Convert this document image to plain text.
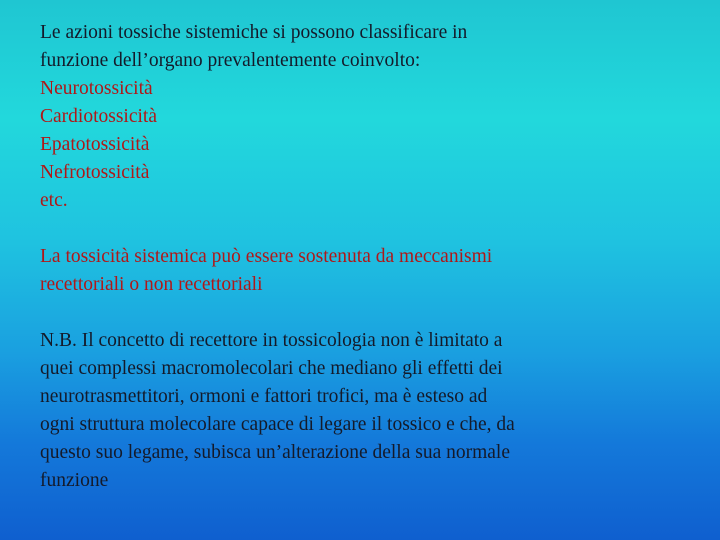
Le azioni tossiche sistemiche si possono classificare in
funzione dell’organo prevalentemente coinvolto:

Neurotossicità
Cardiotossicità
Epatotossicità
Nefrotossicità
etc.

La tossicità sistemica può essere sostenuta da meccanismi
recettoriali o non recettoriali

N.B. Il concetto di recettore in tossicologia non è limitato a
quei complessi macromolecolari che mediano gli effetti dei
neurotrasmettitori, ormoni e fattori trofici, ma è esteso ad
ogni struttura molecolare capace di legare il tossico e che, da
questo suo legame, subisca un’alterazione della sua normale
funzione
